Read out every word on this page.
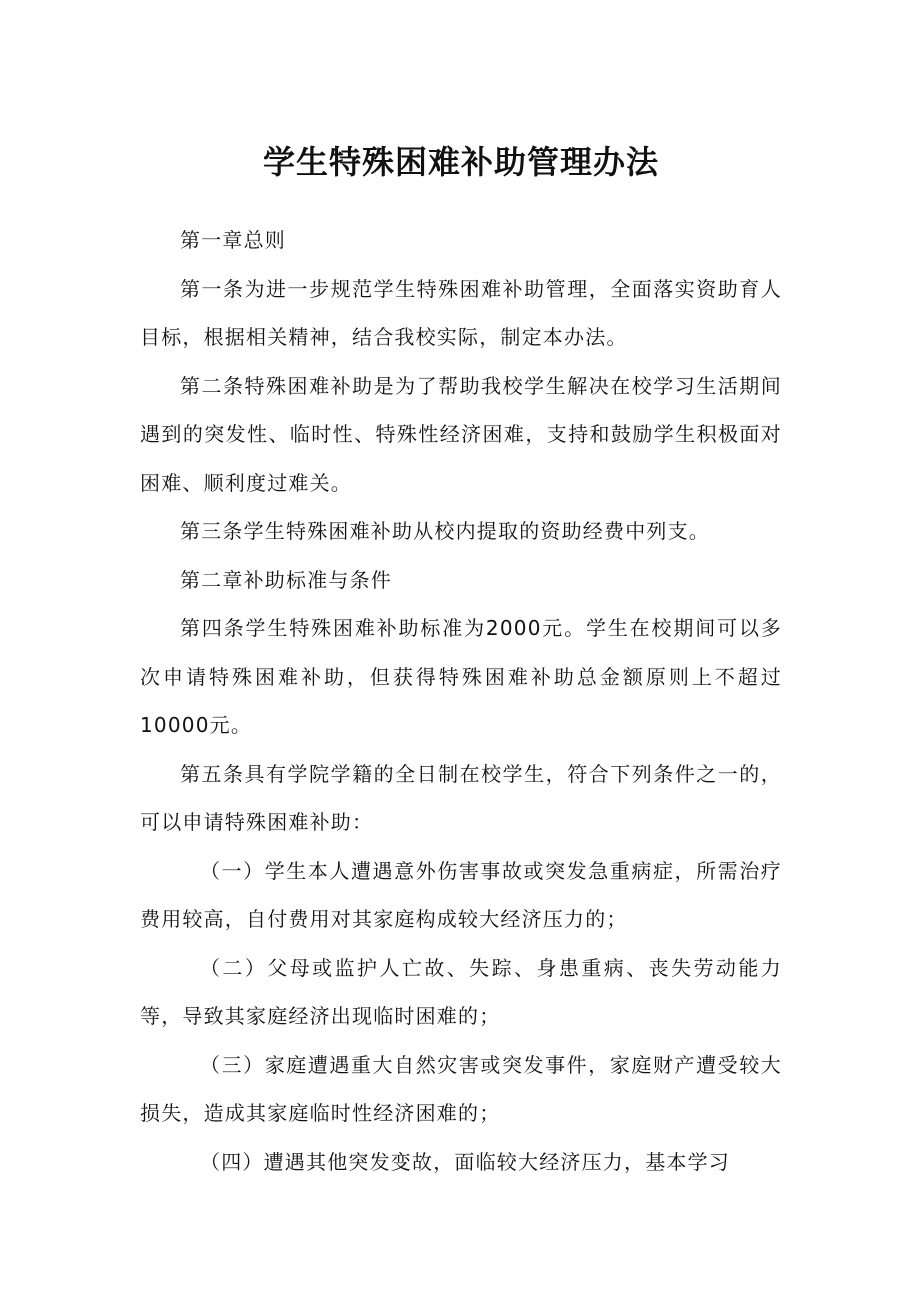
学生特殊困难补助管理办法

第一章总则

第一条为进一步规范学生特殊困难补助管理，全面落实资助育人目标，根据相关精神，结合我校实际，制定本办法。

第二条特殊困难补助是为了帮助我校学生解决在校学习生活期间遇到的突发性、临时性、特殊性经济困难，支持和鼓励学生积极面对困难、顺利度过难关。

第三条学生特殊困难补助从校内提取的资助经费中列支。

第二章补助标准与条件

第四条学生特殊困难补助标准为2000元。学生在校期间可以多次申请特殊困难补助，但获得特殊困难补助总金额原则上不超过10000元。

第五条具有学院学籍的全日制在校学生，符合下列条件之一的，可以申请特殊困难补助：

（一）学生本人遭遇意外伤害事故或突发急重病症，所需治疗费用较高，自付费用对其家庭构成较大经济压力的；

（二）父母或监护人亡故、失踪、身患重病、丧失劳动能力等，导致其家庭经济出现临时困难的；

（三）家庭遭遇重大自然灾害或突发事件，家庭财产遭受较大损失，造成其家庭临时性经济困难的；

（四）遭遇其他突发变故，面临较大经济压力，基本学习
